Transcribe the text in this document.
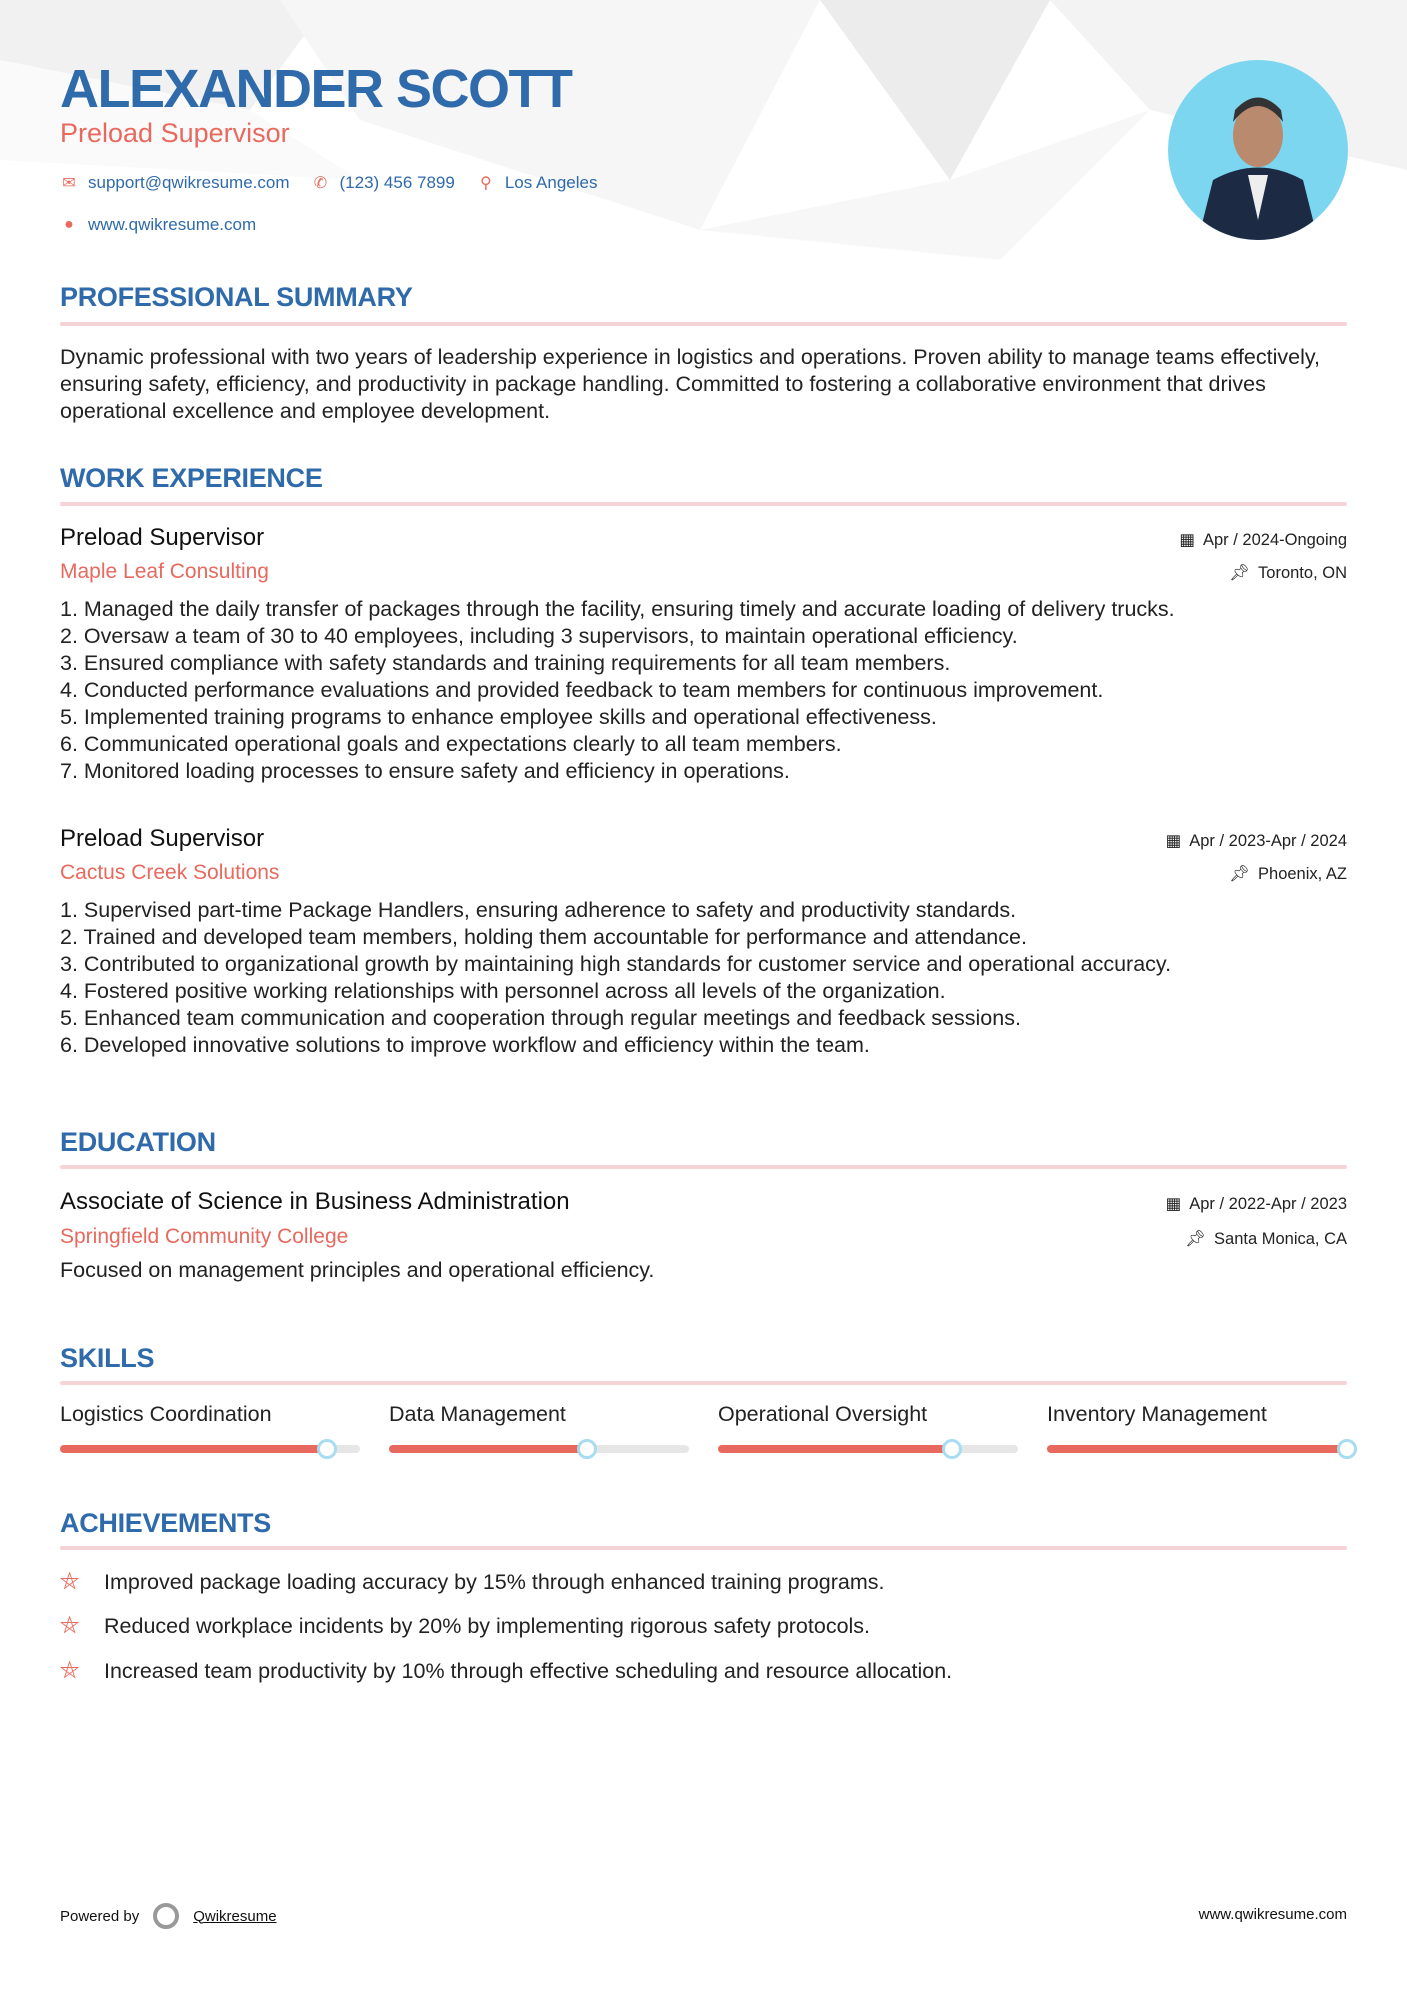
ALEXANDER SCOTT
Preload Supervisor
✉ support@qwikresume.com ✆ (123) 456 7899 ⚲ Los Angeles
● www.qwikresume.com
PROFESSIONAL SUMMARY
Dynamic professional with two years of leadership experience in logistics and operations. Proven ability to manage teams effectively, ensuring safety, efficiency, and productivity in package handling. Committed to fostering a collaborative environment that drives operational excellence and employee development.
WORK EXPERIENCE
Preload Supervisor	▦ Apr / 2024-Ongoing
Maple Leaf Consulting	📌︎ Toronto, ON
1. Managed the daily transfer of packages through the facility, ensuring timely and accurate loading of delivery trucks.
2. Oversaw a team of 30 to 40 employees, including 3 supervisors, to maintain operational efficiency.
3. Ensured compliance with safety standards and training requirements for all team members.
4. Conducted performance evaluations and provided feedback to team members for continuous improvement.
5. Implemented training programs to enhance employee skills and operational effectiveness.
6. Communicated operational goals and expectations clearly to all team members.
7. Monitored loading processes to ensure safety and efficiency in operations.
Preload Supervisor	▦ Apr / 2023-Apr / 2024
Cactus Creek Solutions	📌︎ Phoenix, AZ
1. Supervised part-time Package Handlers, ensuring adherence to safety and productivity standards.
2. Trained and developed team members, holding them accountable for performance and attendance.
3. Contributed to organizational growth by maintaining high standards for customer service and operational accuracy.
4. Fostered positive working relationships with personnel across all levels of the organization.
5. Enhanced team communication and cooperation through regular meetings and feedback sessions.
6. Developed innovative solutions to improve workflow and efficiency within the team.
EDUCATION
Associate of Science in Business Administration	▦ Apr / 2022-Apr / 2023
Springfield Community College	📌︎ Santa Monica, CA
Focused on management principles and operational efficiency.
SKILLS
Logistics Coordination	Data Management	Operational Oversight	Inventory Management
ACHIEVEMENTS
⛤	Improved package loading accuracy by 15% through enhanced training programs.
⛤	Reduced workplace incidents by 20% by implementing rigorous safety protocols.
⛤	Increased team productivity by 10% through effective scheduling and resource allocation.
Powered by	Qwikresume	www.qwikresume.com
